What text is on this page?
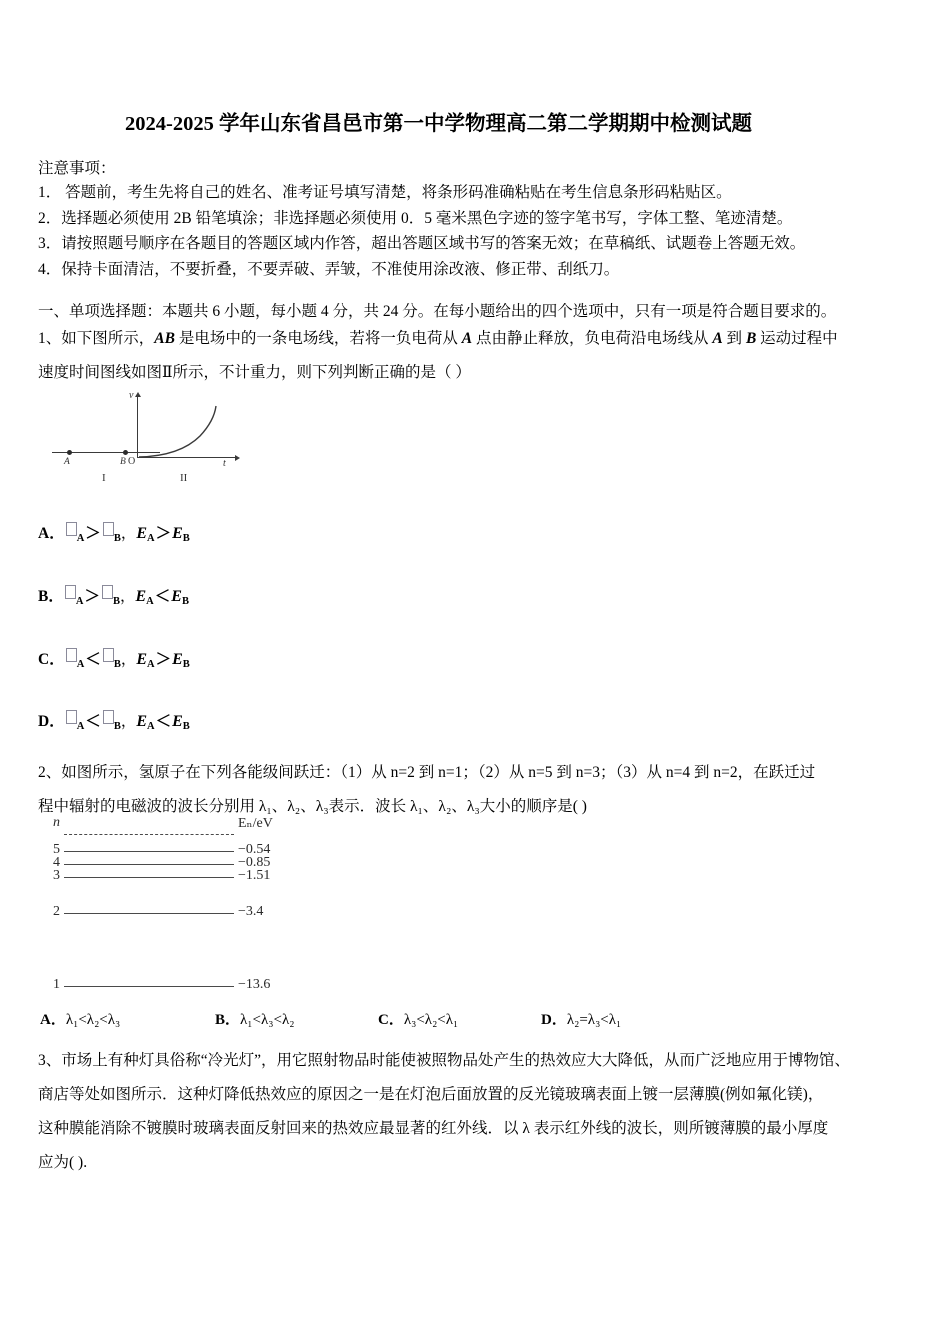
2024-2025 学年山东省昌邑市第一中学物理高二第二学期期中检测试题
注意事项：
1． 答题前，考生先将自己的姓名、准考证号填写清楚，将条形码准确粘贴在考生信息条形码粘贴区。
2．选择题必须使用 2B 铅笔填涂；非选择题必须使用 0．5 毫米黑色字迹的签字笔书写，字体工整、笔迹清楚。
3．请按照题号顺序在各题目的答题区域内作答，超出答题区域书写的答案无效；在草稿纸、试题卷上答题无效。
4．保持卡面清洁，不要折叠，不要弄破、弄皱，不准使用涂改液、修正带、刮纸刀。
一、单项选择题：本题共 6 小题，每小题 4 分，共 24 分。在每小题给出的四个选项中，只有一项是符合题目要求的。
1、如下图所示，AB 是电场中的一条电场线，若将一负电荷从 A 点由静止释放，负电荷沿电场线从 A 到 B 运动过程中
速度时间图线如图Ⅱ所示，不计重力，则下列判断正确的是（ ）
A	B
I
v
O	t
II
A． $_A$＞ $_B$，$E_A>E_B$
B． $_A$＞ $_B$，$E_A<E_B$
C． $_A$＜ $_B$，$E_A>E_B$
D． $_A$＜ $_B$，$E_A<E_B$
2、如图所示，氢原子在下列各能级间跃迁：（1）从 n=2 到 n=1；（2）从 n=5 到 n=3；（3）从 n=4 到 n=2，在跃迁过
程中辐射的电磁波的波长分别用 λ₁、λ₂、λ₃表示．波长 λ₁、λ₂、λ₃大小的顺序是( )
n	Eₙ/eV
5	−0.54
4	−0.85
3	−1.51
2	−3.4
1	−13.6
A．λ₁<λ₂<λ₃	B．λ₁<λ₃<λ₂	C．λ₃<λ₂<λ₁	D．λ₂=λ₃<λ₁
3、市场上有种灯具俗称“冷光灯”，用它照射物品时能使被照物品处产生的热效应大大降低，从而广泛地应用于博物馆、
商店等处如图所示．这种灯降低热效应的原因之一是在灯泡后面放置的反光镜玻璃表面上镀一层薄膜(例如氟化镁)，
这种膜能消除不镀膜时玻璃表面反射回来的热效应最显著的红外线．以 λ 表示红外线的波长，则所镀薄膜的最小厚度
应为( ).
